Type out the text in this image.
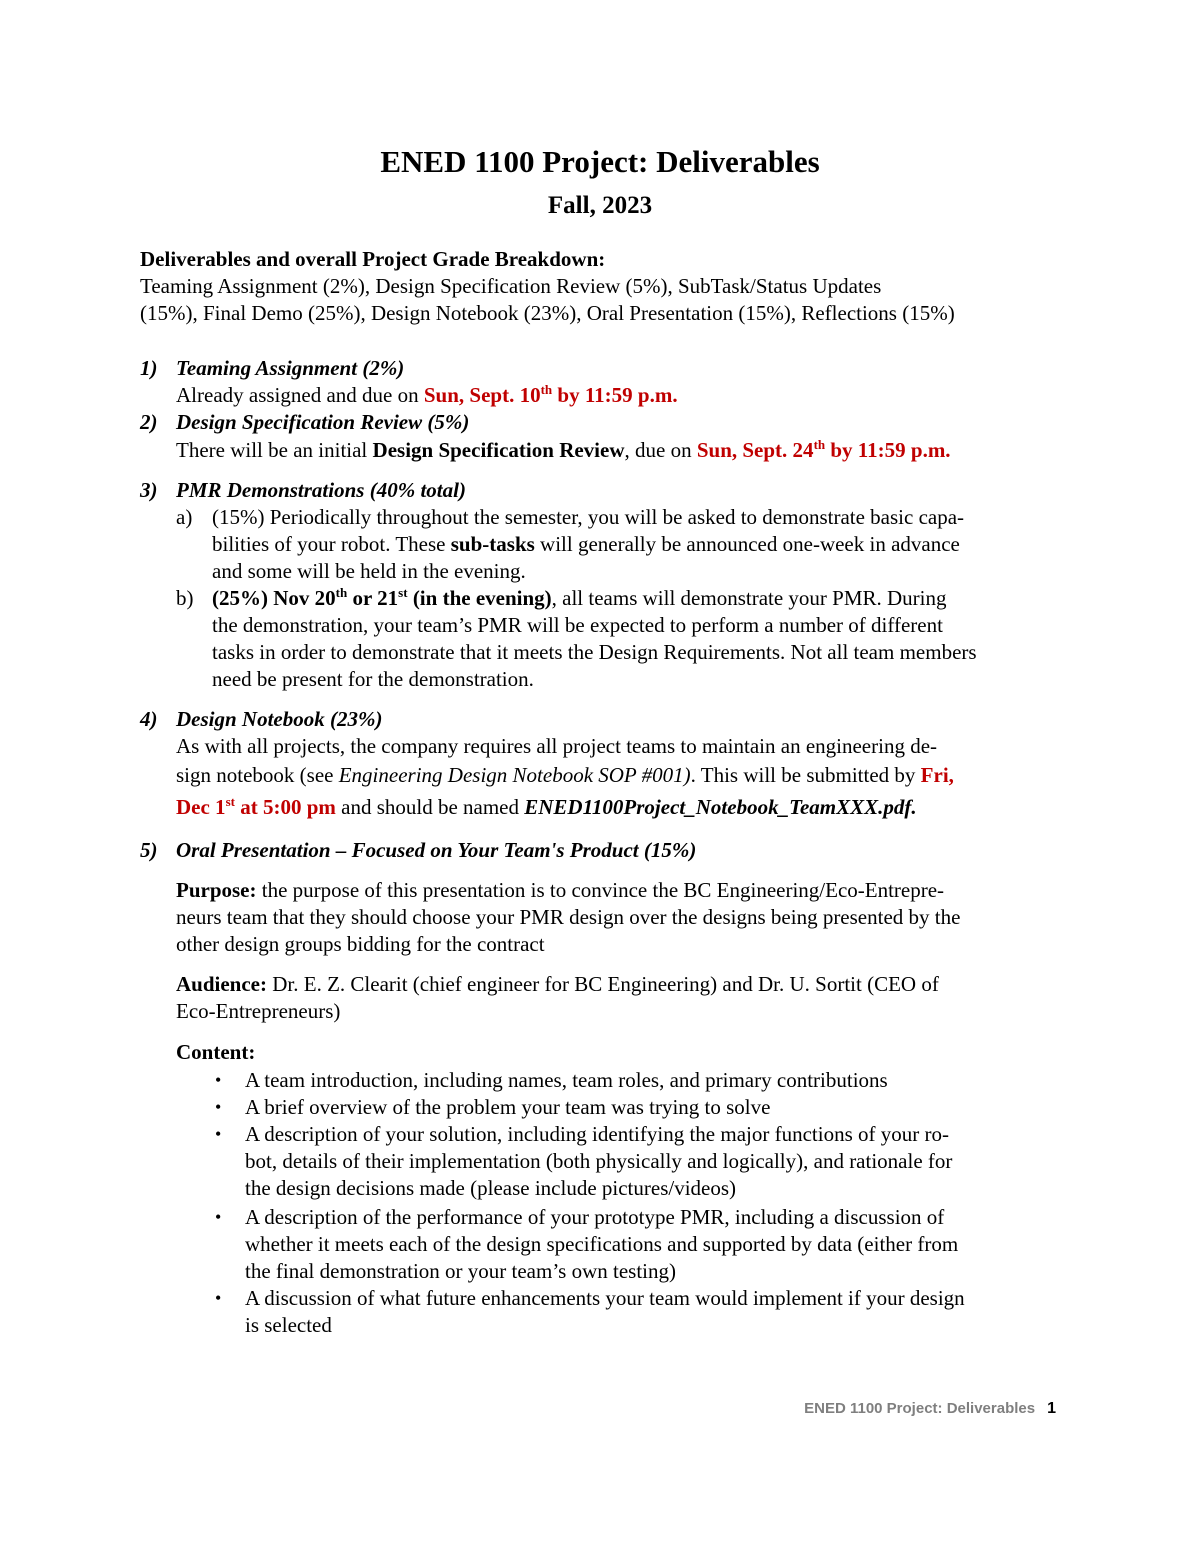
ENED 1100 Project: Deliverables
Fall, 2023
Deliverables and overall Project Grade Breakdown:
Teaming Assignment (2%), Design Specification Review (5%), SubTask/Status Updates
(15%), Final Demo (25%), Design Notebook (23%), Oral Presentation (15%), Reflections (15%)
1) Teaming Assignment (2%)
Already assigned and due on Sun, Sept. 10th by 11:59 p.m.
2) Design Specification Review (5%)
There will be an initial Design Specification Review, due on Sun, Sept. 24th by 11:59 p.m.
3) PMR Demonstrations (40% total)
a) (15%) Periodically throughout the semester, you will be asked to demonstrate basic capa-
bilities of your robot. These sub-tasks will generally be announced one-week in advance
and some will be held in the evening.
b) (25%) Nov 20th or 21st (in the evening), all teams will demonstrate your PMR. During
the demonstration, your team’s PMR will be expected to perform a number of different
tasks in order to demonstrate that it meets the Design Requirements. Not all team members
need be present for the demonstration.
4) Design Notebook (23%)
As with all projects, the company requires all project teams to maintain an engineering de-
sign notebook (see Engineering Design Notebook SOP #001). This will be submitted by Fri,
Dec 1st at 5:00 pm and should be named ENED1100Project_Notebook_TeamXXX.pdf.
5) Oral Presentation – Focused on Your Team's Product (15%)
Purpose: the purpose of this presentation is to convince the BC Engineering/Eco-Entrepre-
neurs team that they should choose your PMR design over the designs being presented by the
other design groups bidding for the contract
Audience: Dr. E. Z. Clearit (chief engineer for BC Engineering) and Dr. U. Sortit (CEO of
Eco-Entrepreneurs)
Content:
• A team introduction, including names, team roles, and primary contributions
• A brief overview of the problem your team was trying to solve
• A description of your solution, including identifying the major functions of your ro-
bot, details of their implementation (both physically and logically), and rationale for
the design decisions made (please include pictures/videos)
• A description of the performance of your prototype PMR, including a discussion of
whether it meets each of the design specifications and supported by data (either from
the final demonstration or your team’s own testing)
• A discussion of what future enhancements your team would implement if your design
is selected
ENED 1100 Project: Deliverables 1
